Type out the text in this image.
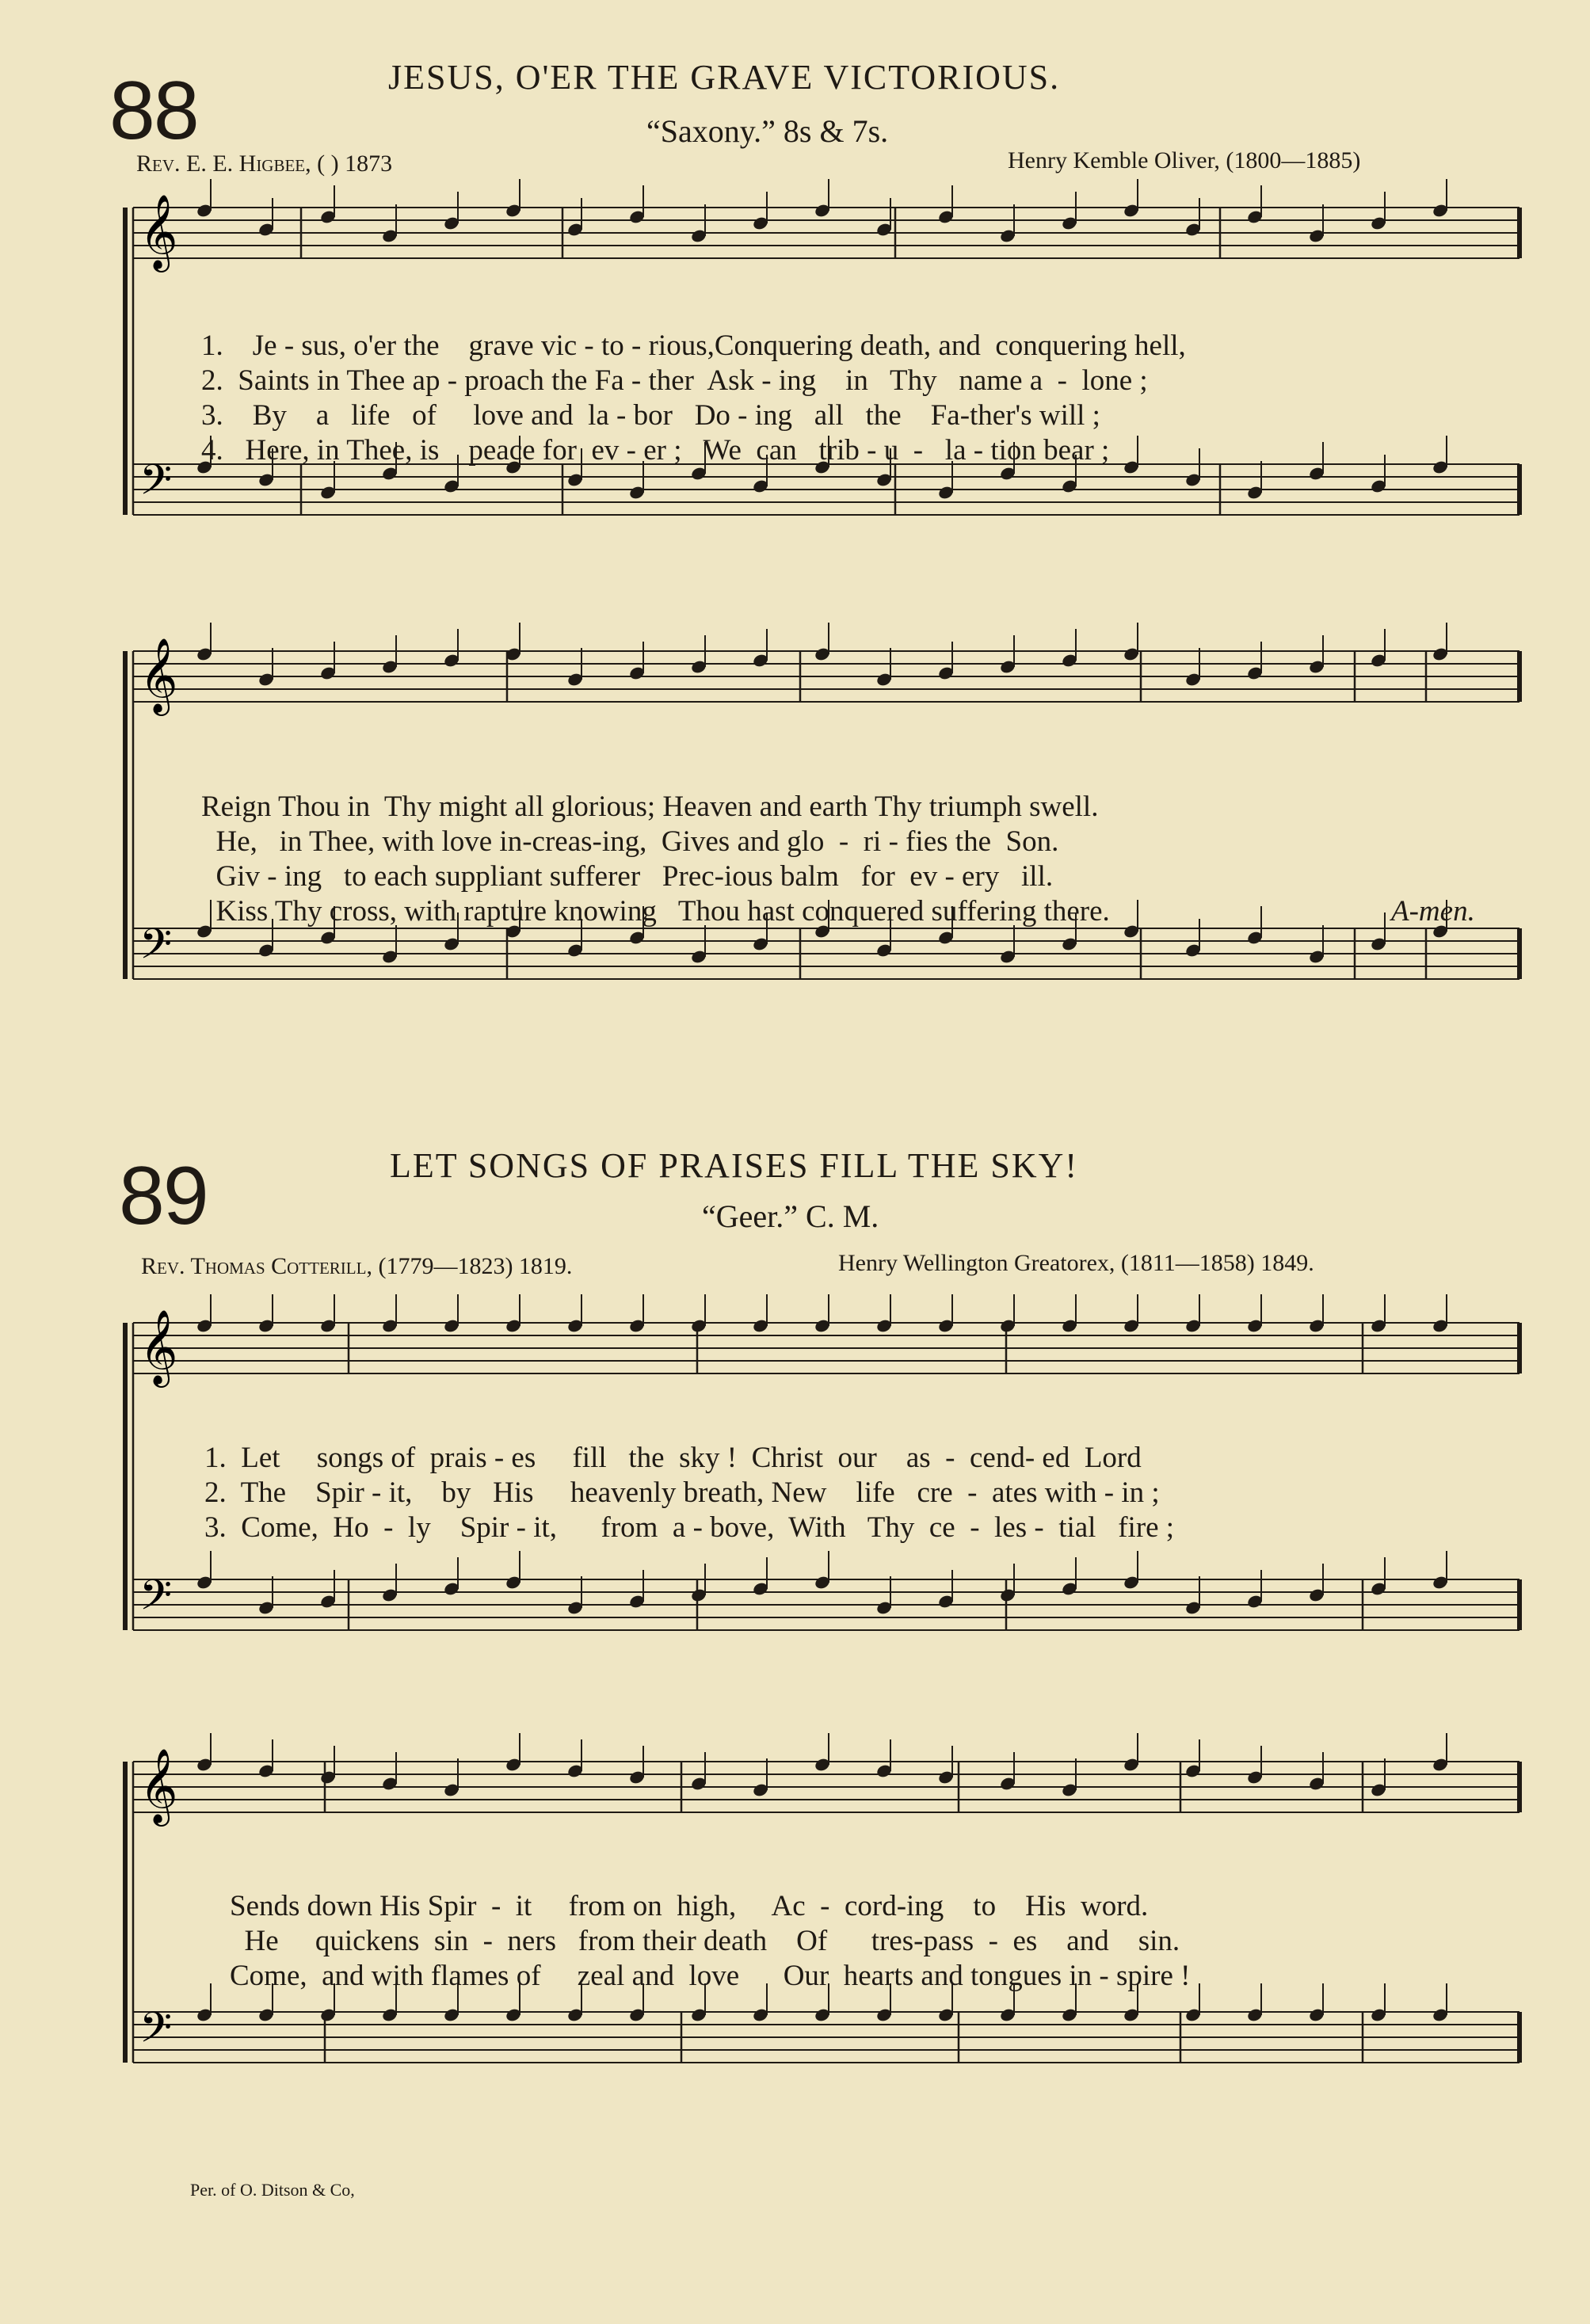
88	JESUS, O'ER THE GRAVE VICTORIOUS.
“Saxony.” 8s & 7s.
Rev. E. E. Higbee, ( ) 1873	Henry Kemble Oliver, (1800—1885)
𝄞
𝄢
𝄞
𝄢
𝄞
𝄢
𝄞
𝄢
1.    Je - sus, o'er the    grave vic - to - rious,Conquering death, and  conquering hell,
2.  Saints in Thee ap - proach the Fa - ther  Ask - ing    in   Thy   name a  -  lone ;
3.    By    a   life   of     love and  la - bor   Do - ing   all   the    Fa-ther's will ;
4.   Here, in Thee, is    peace for  ev - er ;   We  can   trib - u  -   la - tion bear ;
Reign Thou in  Thy might all glorious; Heaven and earth Thy triumph swell.
He,   in Thee, with love in-creas-ing,  Gives and glo  -  ri - fies the  Son.
Giv - ing   to each suppliant sufferer   Prec-ious balm   for  ev - ery   ill.
Kiss Thy cross, with rapture knowing   Thou hast conquered suffering there.	A-men.
89	LET SONGS OF PRAISES FILL THE SKY!
“Geer.” C. M.
Rev. Thomas Cotterill, (1779—1823) 1819.	Henry Wellington Greatorex, (1811—1858) 1849.
1.  Let     songs of  prais - es     fill   the  sky !  Christ  our    as  -  cend- ed  Lord
2.  The    Spir - it,    by   His     heavenly breath, New    life   cre  -  ates with - in ;
3.  Come,  Ho  -  ly    Spir - it,      from  a - bove,  With   Thy  ce  -  les -  tial   fire ;
Sends down His Spir  -  it     from on  high,     Ac  -  cord-ing    to    His  word.
He     quickens  sin  -  ners   from their death    Of      tres-pass  -  es    and    sin.
Come,  and with flames of     zeal and  love      Our  hearts and tongues in - spire !
Per. of O. Ditson & Co,
